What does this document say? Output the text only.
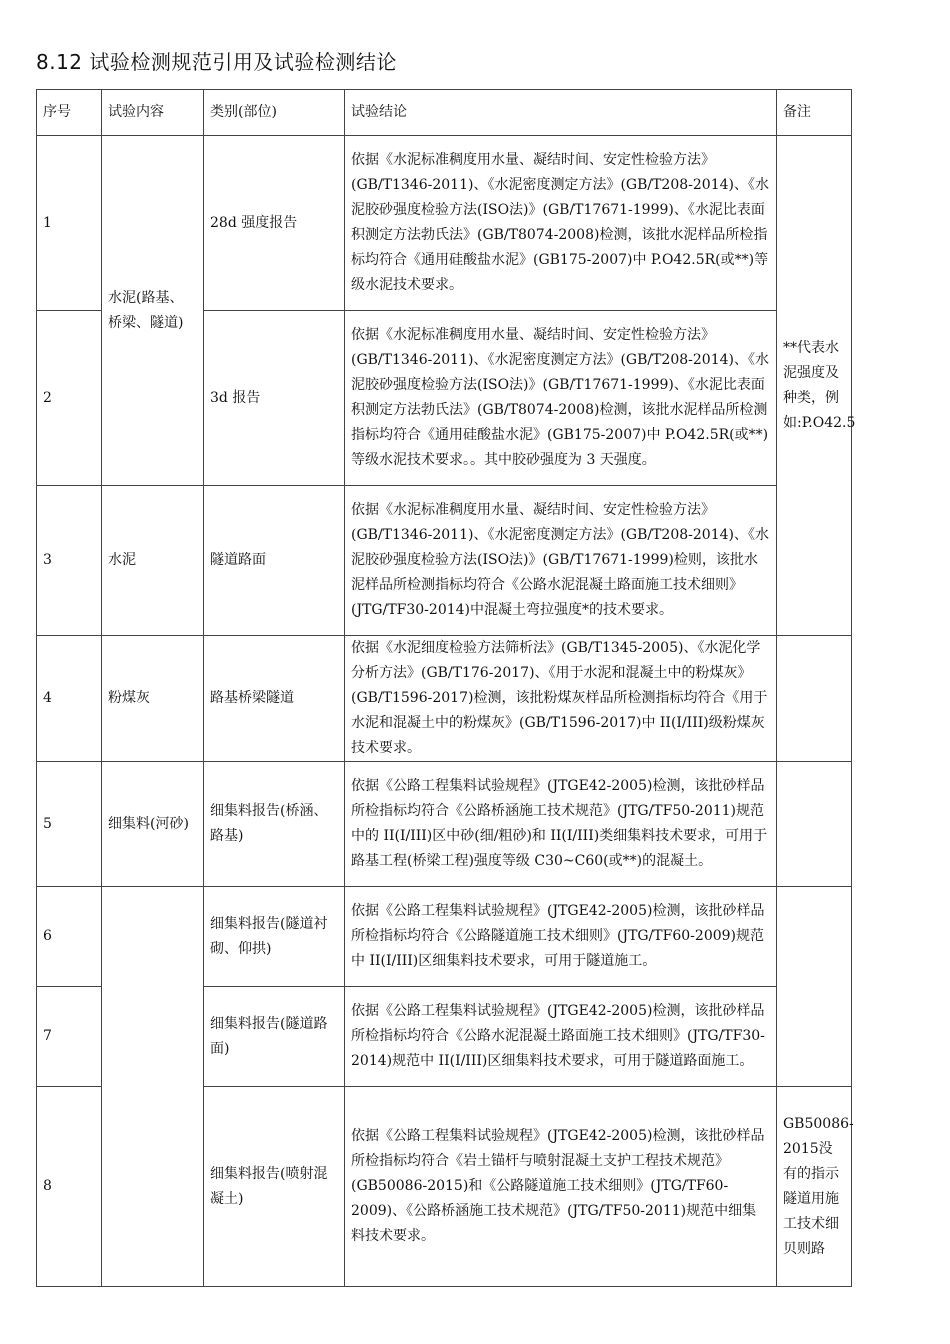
8.12 试验检测规范引用及试验检测结论
序号	试验内容	类别(部位)	试验结论	备注
1	水泥(路基、桥梁、隧道)	28d 强度报告	依据《水泥标准稠度用水量、凝结时间、安定性检验方法》(GB/T1346-2011)、《水泥密度测定方法》(GB/T208-2014)、《水泥胶砂强度检验方法(ISO法)》(GB/T17671-1999)、《水泥比表面积测定方法勃氏法》(GB/T8074-2008)检测，该批水泥样品所检指标均符合《通用硅酸盐水泥》(GB175-2007)中 P.O42.5R(或**)等级水泥技术要求。	**代表水泥强度及种类，例如:P.O42.5
2		3d 报告	依据《水泥标准稠度用水量、凝结时间、安定性检验方法》(GB/T1346-2011)、《水泥密度测定方法》(GB/T208-2014)、《水泥胶砂强度检验方法(ISO法)》(GB/T17671-1999)、《水泥比表面积测定方法勃氏法》(GB/T8074-2008)检测，该批水泥样品所检测指标均符合《通用硅酸盐水泥》(GB175-2007)中 P.O42.5R(或**)等级水泥技术要求。。其中胶砂强度为 3 天强度。	
3	水泥	隧道路面	依据《水泥标准稠度用水量、凝结时间、安定性检验方法》(GB/T1346-2011)、《水泥密度测定方法》(GB/T208-2014)、《水泥胶砂强度检验方法(ISO法)》(GB/T17671-1999)检则，该批水泥样品所检测指标均符合《公路水泥混凝土路面施工技术细则》(JTG/TF30-2014)中混凝土弯拉强度*的技术要求。	
4	粉煤灰	路基桥梁隧道	依据《水泥细度检验方法筛析法》(GB/T1345-2005)、《水泥化学分析方法》(GB/T176-2017)、《用于水泥和混凝土中的粉煤灰》(GB/T1596-2017)检测，该批粉煤灰样品所检测指标均符合《用于水泥和混凝土中的粉煤灰》(GB/T1596-2017)中 II(I/III)级粉煤灰技术要求。	
5	细集料(河砂)	细集料报告(桥涵、路基)	依据《公路工程集料试验规程》(JTGE42-2005)检测，该批砂样品所检指标均符合《公路桥涵施工技术规范》(JTG/TF50-2011)规范中的 II(I/III)区中砂(细/粗砂)和 II(I/III)类细集料技术要求，可用于路基工程(桥梁工程)强度等级 C30~C60(或**)的混凝土。	
6		细集料报告(隧道衬砌、仰拱)	依据《公路工程集料试验规程》(JTGE42-2005)检测，该批砂样品所检指标均符合《公路隧道施工技术细则》(JTG/TF60-2009)规范中 II(I/III)区细集料技术要求，可用于隧道施工。	
7		细集料报告(隧道路面)	依据《公路工程集料试验规程》(JTGE42-2005)检测，该批砂样品所检指标均符合《公路水泥混凝土路面施工技术细则》(JTG/TF30-2014)规范中 II(I/III)区细集料技术要求，可用于隧道路面施工。	
8		细集料报告(喷射混凝土)	依据《公路工程集料试验规程》(JTGE42-2005)检测，该批砂样品所检指标均符合《岩土锚杆与喷射混凝土支护工程技术规范》(GB50086-2015)和《公路隧道施工技术细则》(JTG/TF60-2009)、《公路桥涵施工技术规范》(JTG/TF50-2011)规范中细集料技术要求。	GB50086-2015没有的指示隧道用施工技术细贝则路
